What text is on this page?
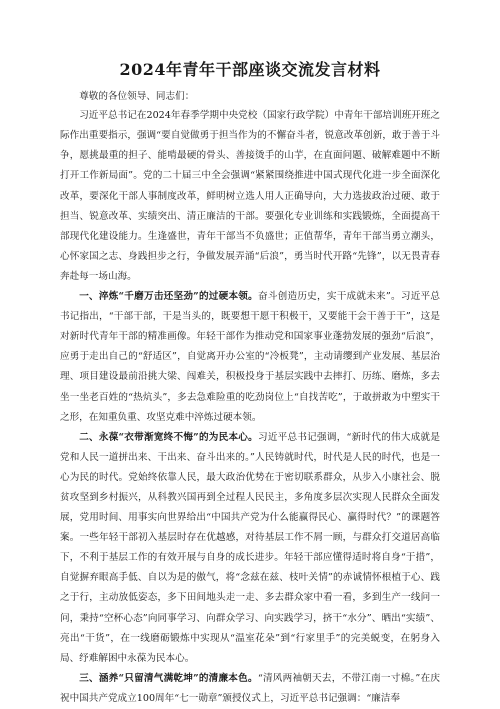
2024年青年干部座谈交流发言材料

尊敬的各位领导、同志们：

习近平总书记在2024年春季学期中央党校（国家行政学院）中青年干部培训班开班之际作出重要指示，强调“要自觉做勇于担当作为的不懈奋斗者，锐意改革创新，敢于善于斗争，愿挑最重的担子、能啃最硬的骨头、善接烫手的山芋，在直面问题、破解难题中不断打开工作新局面”。党的二十届三中全会强调“紧紧围绕推进中国式现代化进一步全面深化改革，要深化干部人事制度改革，鲜明树立选人用人正确导向，大力选拔政治过硬、敢于担当、锐意改革、实绩突出、清正廉洁的干部。要强化专业训练和实践锻炼，全面提高干部现代化建设能力。生逢盛世，青年干部当不负盛世；正值帮华，青年干部当勇立潮头，心怀家国之志、身践担步之行，争做发展弄涌“后浪”，勇当时代开路“先锋”，以无畏青春奔赴每一场山海。

一、淬炼“千磨万击还坚劲”的过硬本领。奋斗创造历史，实干成就未来”。习近平总书记指出，“干部干部，干是当头的，既要想干愿干积极干，又要能干会干善于干”，这是对新时代青年干部的精准画像。年轻干部作为推动党和国家事业蓬勃发展的强劲“后浪”，应勇于走出自己的“舒适区”，自觉离开办公室的“冷板凳”，主动请缨到产业发展、基层治理、项目建设最前沿挑大梁、闯难关，积极投身于基层实践中去摔打、历练、磨炼，多去坐一坐老百姓的“热炕头”，多去急难险重的吃劲岗位上“自找苦吃”，于敢拼敢为中塑实干之形，在知重负重、攻坚克难中淬炼过硬本领。

二、永葆“衣带渐宽终不悔”的为民本心。习近平总书记强调，“新时代的伟大成就是党和人民一道拼出来、干出来、奋斗出来的。”人民铸就时代，时代是人民的时代，也是一心为民的时代。党始终依靠人民，最大政治优势在于密切联系群众，从步入小康社会、脱贫攻坚到乡村振兴，从科教兴国再到全过程人民民主，多角度多层次实现人民群众全面发展，党用时间、用事实向世界给出“中国共产党为什么能赢得民心、赢得时代？”的课题答案。一些年轻干部初入基层时存在优越感，对待基层工作不屑一顾，与群众打交道居高临下，不利于基层工作的有效开展与自身的成长进步。年轻干部应懂得适时将自身“于措”，自觉摒弃眼高手低、自以为是的傲气，将“念兹在兹、枝叶关情”的赤诚情怀根植于心、践之于行，主动放低姿态，多下田间地头走一走、多去群众家中看一看，多到生产一线问一问，秉持“空杯心态”向同事学习、向群众学习、向实践学习，挤干“水分”、晒出“实绩”、亮出“干货”，在一线磨砺锻炼中实现从“温室花朵”到“行家里手”的完美蜕变，在躬身入局、纾难解困中永葆为民本心。

三、涵养“只留清气满乾坤”的清廉本色。“清风两袖朝天去，不带江南一寸棉。”在庆祝中国共产党成立100周年“七一勋章”颁授仪式上，习近平总书记强调：“廉洁奉
